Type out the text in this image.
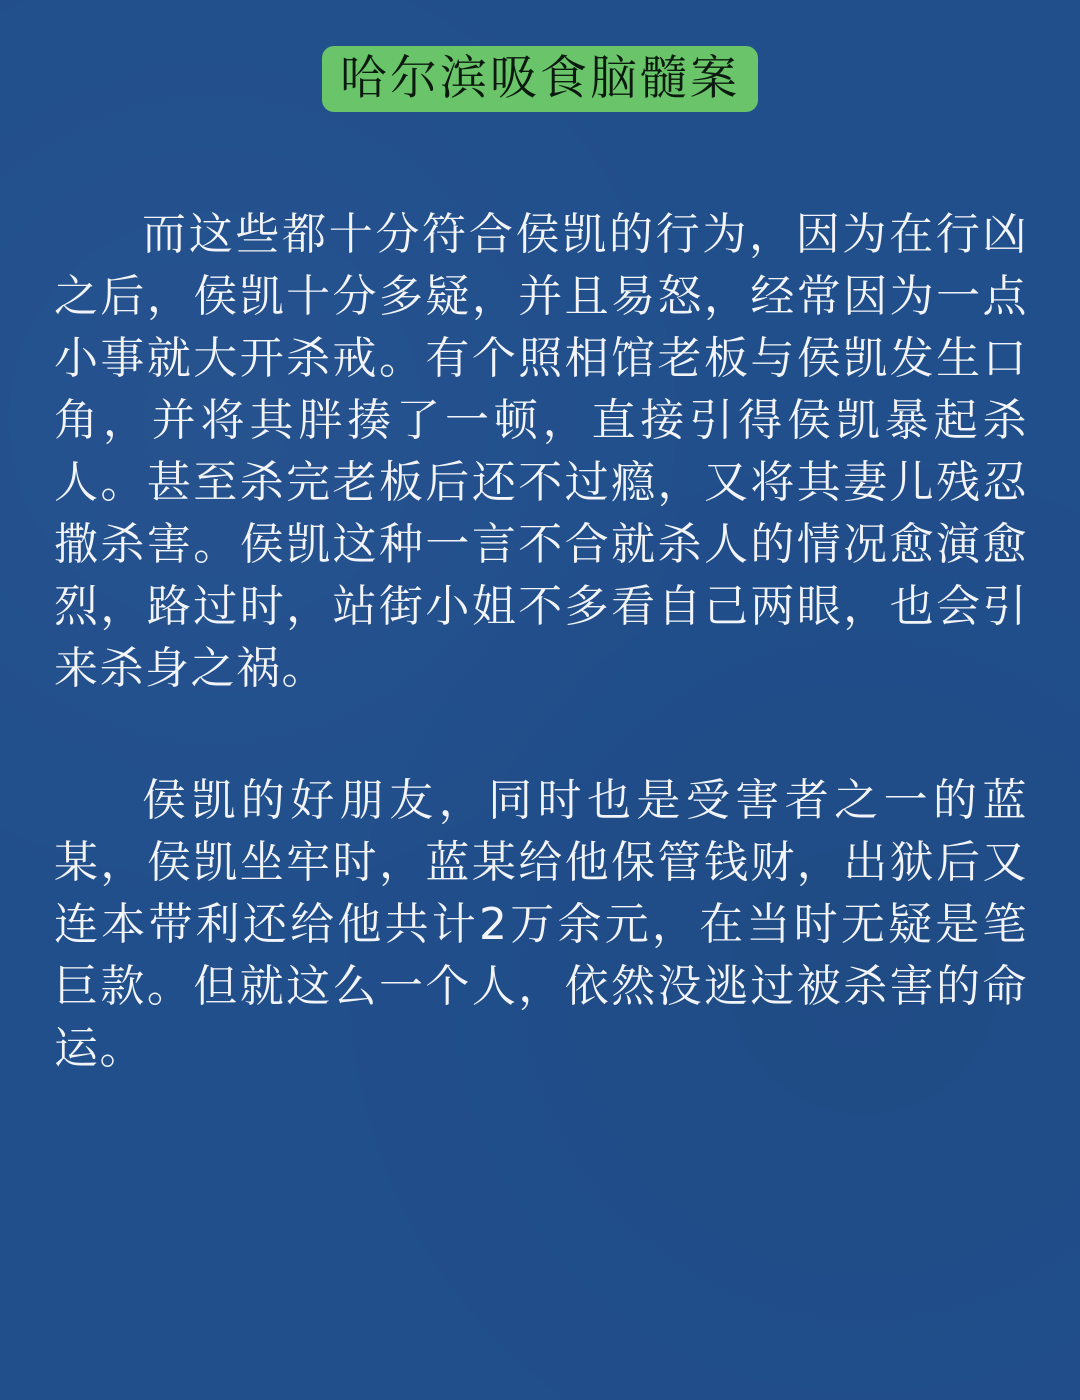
哈尔滨吸食脑髓案

而这些都十分符合侯凯的行为，因为在行凶之后，侯凯十分多疑，并且易怒，经常因为一点小事就大开杀戒。有个照相馆老板与侯凯发生口角，并将其胖揍了一顿，直接引得侯凯暴起杀人。甚至杀完老板后还不过瘾，又将其妻儿残忍撒杀害。侯凯这种一言不合就杀人的情况愈演愈烈，路过时，站街小姐不多看自己两眼，也会引来杀身之祸。

侯凯的好朋友，同时也是受害者之一的蓝某，侯凯坐牢时，蓝某给他保管钱财，出狱后又连本带利还给他共计2万余元，在当时无疑是笔巨款。但就这么一个人，依然没逃过被杀害的命运。
